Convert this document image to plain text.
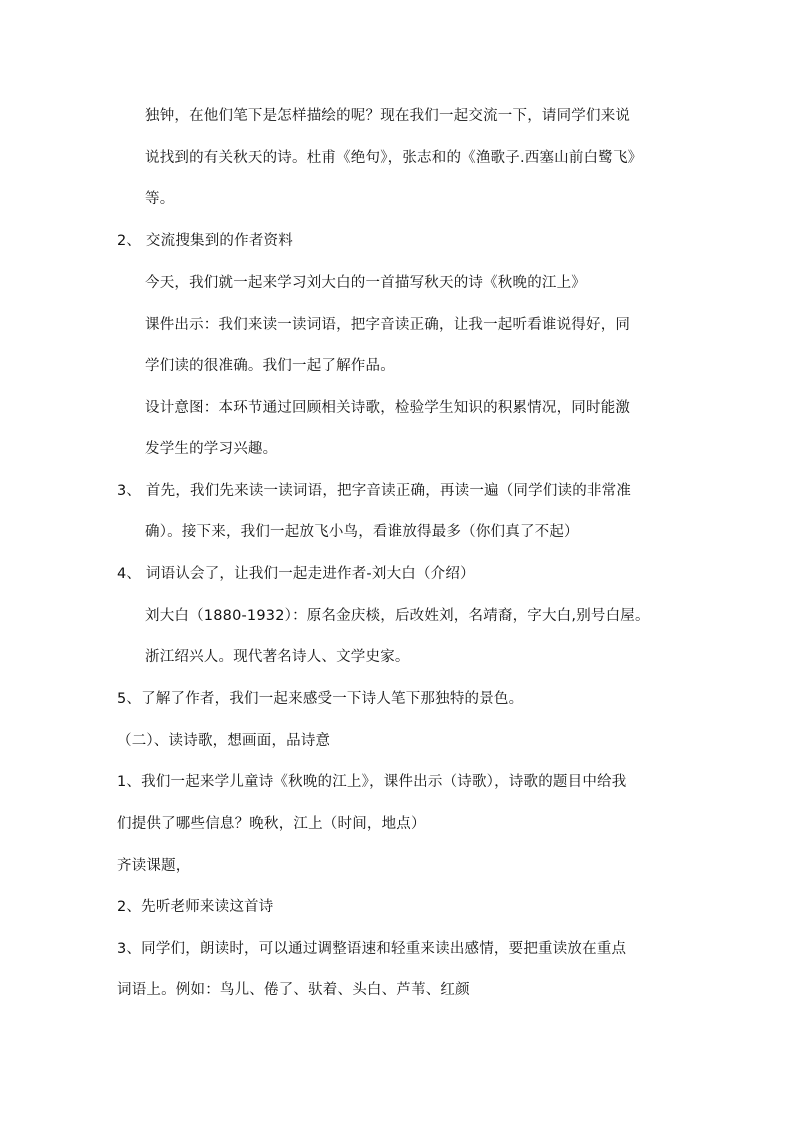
独钟，在他们笔下是怎样描绘的呢？现在我们一起交流一下，请同学们来说
说找到的有关秋天的诗。杜甫《绝句》，张志和的《渔歌子.西塞山前白鹭飞》
等。
2、 交流搜集到的作者资料
今天，我们就一起来学习刘大白的一首描写秋天的诗《秋晚的江上》
课件出示：我们来读一读词语，把字音读正确，让我一起听看谁说得好，同
学们读的很准确。我们一起了解作品。
设计意图：本环节通过回顾相关诗歌，检验学生知识的积累情况，同时能激
发学生的学习兴趣。
3、 首先，我们先来读一读词语，把字音读正确，再读一遍（同学们读的非常准
确）。接下来，我们一起放飞小鸟，看谁放得最多（你们真了不起）
4、 词语认会了，让我们一起走进作者-刘大白（介绍）
刘大白（1880-1932）：原名金庆棪，后改姓刘，名靖裔，字大白,别号白屋。
浙江绍兴人。现代著名诗人、文学史家。
5、了解了作者，我们一起来感受一下诗人笔下那独特的景色。
（二）、读诗歌，想画面，品诗意
1、我们一起来学儿童诗《秋晚的江上》，课件出示（诗歌），诗歌的题目中给我
们提供了哪些信息？晚秋，江上（时间，地点）
齐读课题，
2、先听老师来读这首诗
3、同学们，朗读时，可以通过调整语速和轻重来读出感情，要把重读放在重点
词语上。例如：鸟儿、倦了、驮着、头白、芦苇、红颜
